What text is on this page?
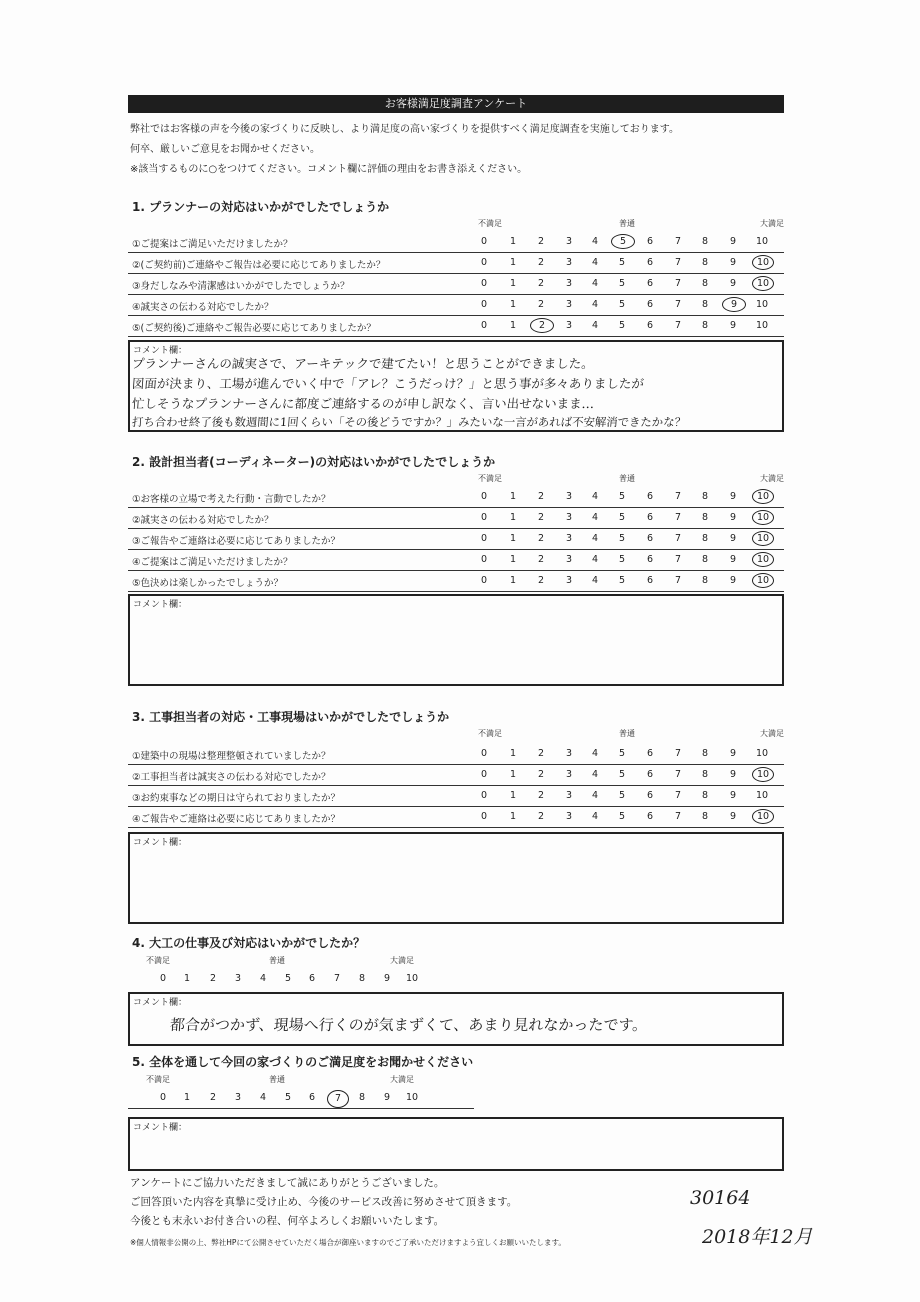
お客様満足度調査アンケート
弊社ではお客様の声を今後の家づくりに反映し、より満足度の高い家づくりを提供すべく満足度調査を実施しております。
何卒、厳しいご意見をお聞かせください。
※該当するものに○をつけてください。コメント欄に評価の理由をお書き添えください。
1. プランナーの対応はいかがでしたでしょうか
不満足	普通	大満足
①ご提案はご満足いただけましたか？	0	1	2	3	4	5	6	7	8	9	10
②(ご契約前)ご連絡やご報告は必要に応じてありましたか？	0	1	2	3	4	5	6	7	8	9	10
③身だしなみや清潔感はいかがでしたでしょうか？	0	1	2	3	4	5	6	7	8	9	10
④誠実さの伝わる対応でしたか？	0	1	2	3	4	5	6	7	8	9	10
⑤(ご契約後)ご連絡やご報告必要に応じてありましたか？	0	1	2	3	4	5	6	7	8	9	10
コメント欄：
プランナーさんの誠実さで、アーキテックで建てたい！と思うことができました。
図面が決まり、工場が進んでいく中で「アレ？こうだっけ？」と思う事が多々ありましたが
忙しそうなプランナーさんに都度ご連絡するのが申し訳なく、言い出せないまま…
打ち合わせ終了後も数週間に1回くらい「その後どうですか？」みたいな一言があれば不安解消できたかな？
2. 設計担当者(コーディネーター)の対応はいかがでしたでしょうか
不満足	普通	大満足
①お客様の立場で考えた行動・言動でしたか？	0	1	2	3	4	5	6	7	8	9	10
②誠実さの伝わる対応でしたか？	0	1	2	3	4	5	6	7	8	9	10
③ご報告やご連絡は必要に応じてありましたか？	0	1	2	3	4	5	6	7	8	9	10
④ご提案はご満足いただけましたか？	0	1	2	3	4	5	6	7	8	9	10
⑤色決めは楽しかったでしょうか？	0	1	2	3	4	5	6	7	8	9	10
コメント欄：
3. 工事担当者の対応・工事現場はいかがでしたでしょうか
不満足	普通	大満足
①建築中の現場は整理整頓されていましたか？	0	1	2	3	4	5	6	7	8	9	10
②工事担当者は誠実さの伝わる対応でしたか？	0	1	2	3	4	5	6	7	8	9	10
③お約束事などの期日は守られておりましたか？	0	1	2	3	4	5	6	7	8	9	10
④ご報告やご連絡は必要に応じてありましたか？	0	1	2	3	4	5	6	7	8	9	10
コメント欄：
4. 大工の仕事及び対応はいかがでしたか？
不満足	普通	大満足
0	1	2	3	4	5	6	7	8	9	10
コメント欄：
都合がつかず、現場へ行くのが気まずくて、あまり見れなかったです。
5. 全体を通して今回の家づくりのご満足度をお聞かせください
不満足	普通	大満足
0	1	2	3	4	5	6	7	8	9	10
コメント欄：
アンケートにご協力いただきまして誠にありがとうございました。
ご回答頂いた内容を真摯に受け止め、今後のサービス改善に努めさせて頂きます。
今後とも末永いお付き合いの程、何卒よろしくお願いいたします。
※個人情報非公開の上、弊社HPにて公開させていただく場合が御座いますのでご了承いただけますよう宜しくお願いいたします。
30164
2018年12月
